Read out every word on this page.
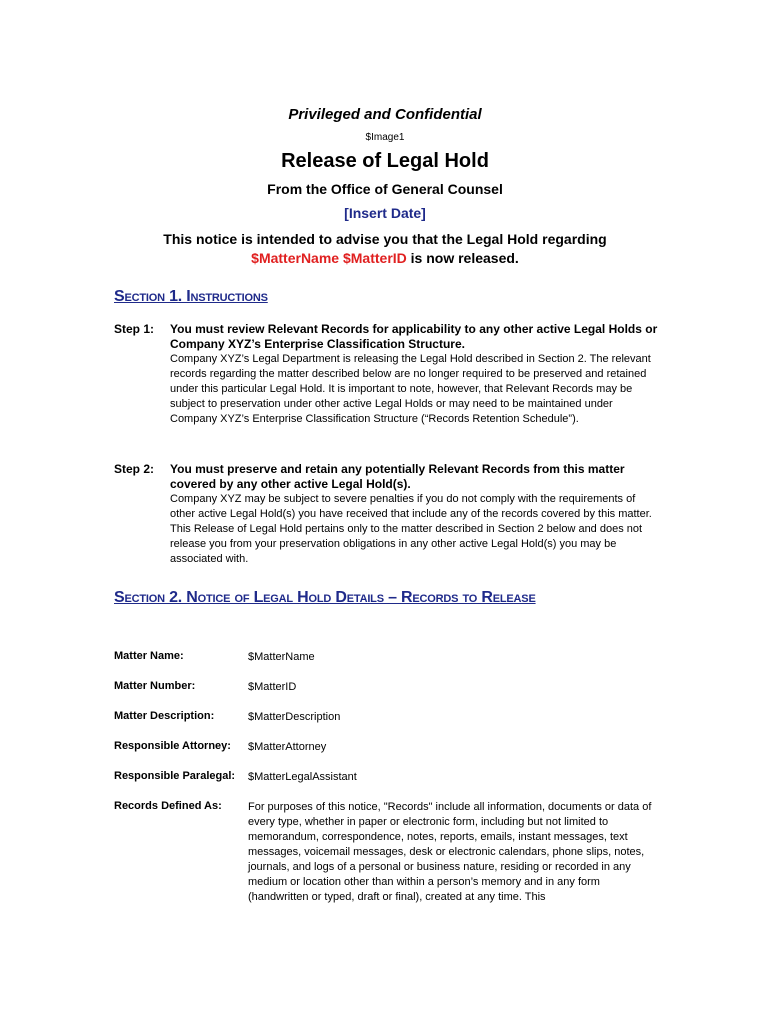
Privileged and Confidential
$Image1
Release of Legal Hold
From the Office of General Counsel
[Insert Date]
This notice is intended to advise you that the Legal Hold regarding
$MatterName $MatterID is now released.
Section 1. Instructions
Step 1: You must review Relevant Records for applicability to any other active Legal Holds or Company XYZ’s Enterprise Classification Structure.
Company XYZ’s Legal Department is releasing the Legal Hold described in Section 2. The relevant records regarding the matter described below are no longer required to be preserved and retained under this particular Legal Hold. It is important to note, however, that Relevant Records may be subject to preservation under other active Legal Holds or may need to be maintained under Company XYZ’s Enterprise Classification Structure (“Records Retention Schedule”).
Step 2: You must preserve and retain any potentially Relevant Records from this matter covered by any other active Legal Hold(s).
Company XYZ may be subject to severe penalties if you do not comply with the requirements of other active Legal Hold(s) you have received that include any of the records covered by this matter. This Release of Legal Hold pertains only to the matter described in Section 2 below and does not release you from your preservation obligations in any other active Legal Hold(s) you may be associated with.
Section 2. Notice of Legal Hold Details – Records to Release
Matter Name:	$MatterName
Matter Number:	$MatterID
Matter Description:	$MatterDescription
Responsible Attorney: $MatterAttorney
Responsible Paralegal: $MatterLegalAssistant
Records Defined As: For purposes of this notice, "Records" include all information, documents or data of every type, whether in paper or electronic form, including but not limited to memorandum, correspondence, notes, reports, emails, instant messages, text messages, voicemail messages, desk or electronic calendars, phone slips, notes, journals, and logs of a personal or business nature, residing or recorded in any medium or location other than within a person’s memory and in any form (handwritten or typed, draft or final), created at any time. This
